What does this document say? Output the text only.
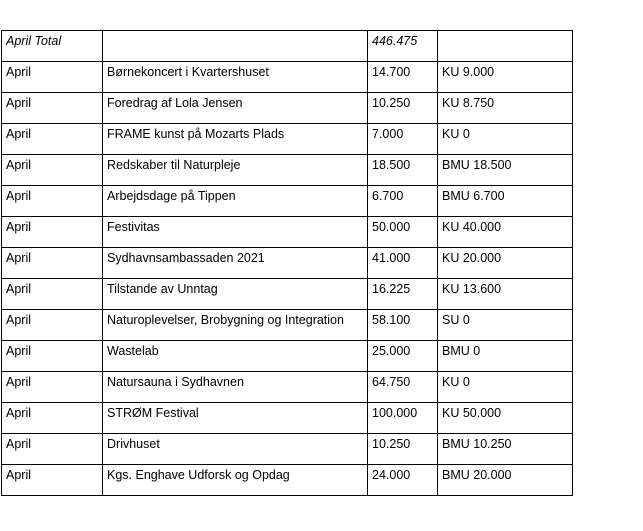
April Total		446.475	
April	Børnekoncert i Kvartershuset	14.700	KU 9.000
April	Foredrag af Lola Jensen	10.250	KU 8.750
April	FRAME kunst på Mozarts Plads	7.000	KU 0
April	Redskaber til Naturpleje	18.500	BMU 18.500
April	Arbejdsdage på Tippen	6.700	BMU 6.700
April	Festivitas	50.000	KU 40.000
April	Sydhavnsambassaden 2021	41.000	KU 20.000
April	Tilstande av Unntag	16.225	KU 13.600
April	Naturoplevelser, Brobygning og Integration	58.100	SU 0
April	Wastelab	25.000	BMU 0
April	Natursauna i Sydhavnen	64.750	KU 0
April	STRØM Festival	100.000	KU 50.000
April	Drivhuset	10.250	BMU 10.250
April	Kgs. Enghave Udforsk og Opdag	24.000	BMU 20.000
